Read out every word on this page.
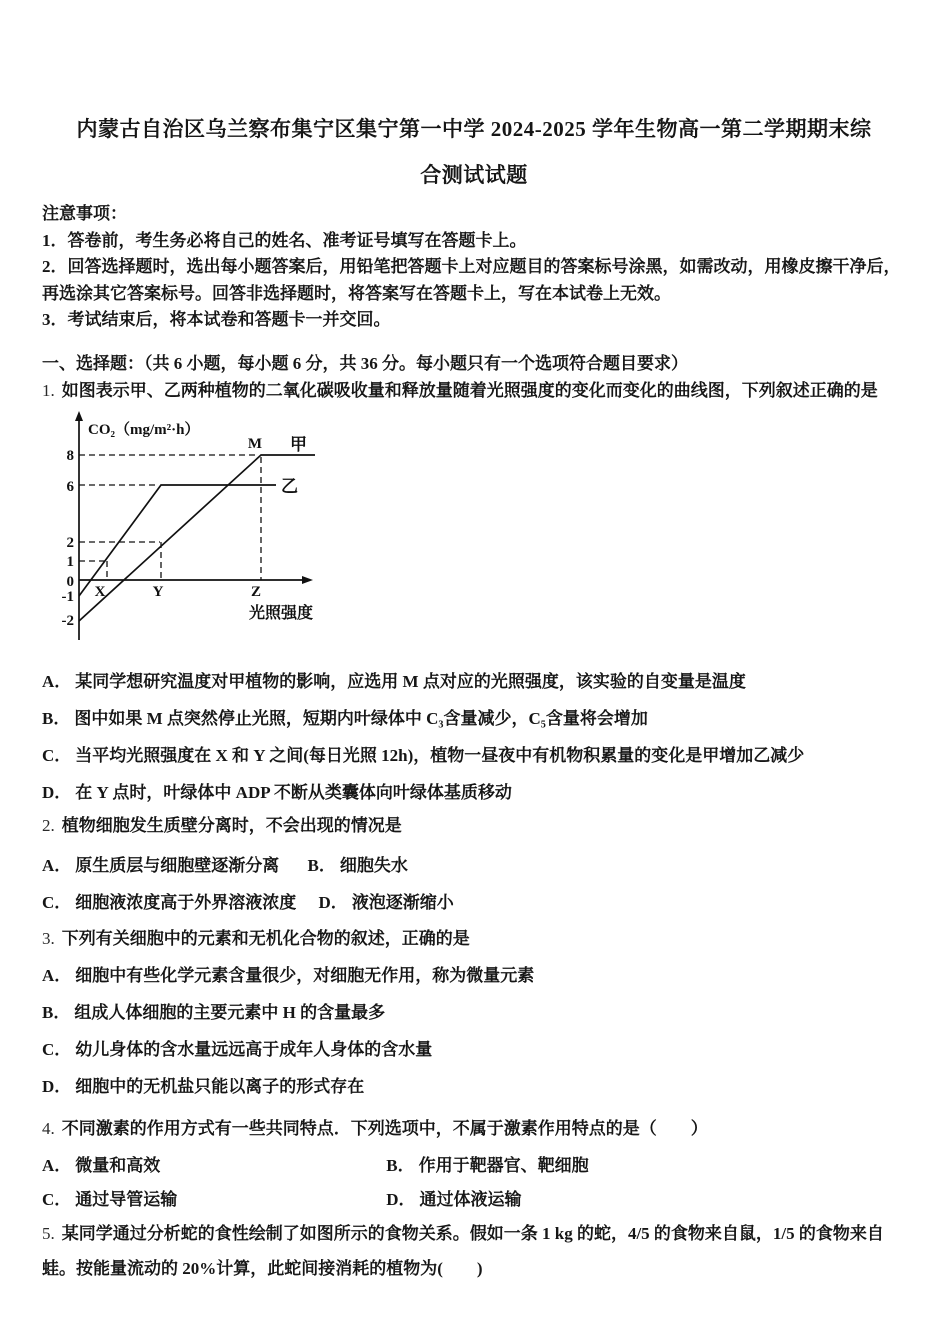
内蒙古自治区乌兰察布集宁区集宁第一中学 2024-2025 学年生物高一第二学期期末综
合测试试题
注意事项：
1．答卷前，考生务必将自己的姓名、准考证号填写在答题卡上。
2．回答选择题时，选出每小题答案后，用铅笔把答题卡上对应题目的答案标号涂黑，如需改动，用橡皮擦干净后，再选涂其它答案标号。回答非选择题时，将答案写在答题卡上，写在本试卷上无效。
3．考试结束后，将本试卷和答题卡一并交回。
一、选择题：（共 6 小题，每小题 6 分，共 36 分。每小题只有一个选项符合题目要求）
1. 如图表示甲、乙两种植物的二氧化碳吸收量和释放量随着光照强度的变化而变化的曲线图，下列叙述正确的是
CO₂（mg/m²·h）
8
6
2
1
0
-1
-2
X	Y	Z
M 甲
乙
光照强度
A． 某同学想研究温度对甲植物的影响，应选用 M 点对应的光照强度，该实验的自变量是温度
B． 图中如果 M 点突然停止光照，短期内叶绿体中 C₃含量减少，C₅含量将会增加
C． 当平均光照强度在 X 和 Y 之间(每日光照 12h)，植物一昼夜中有机物积累量的变化是甲增加乙减少
D． 在 Y 点时，叶绿体中 ADP 不断从类囊体向叶绿体基质移动
2. 植物细胞发生质壁分离时，不会出现的情况是
A． 原生质层与细胞壁逐渐分离 B． 细胞失水
C． 细胞液浓度高于外界溶液浓度 D． 液泡逐渐缩小
3. 下列有关细胞中的元素和无机化合物的叙述，正确的是
A． 细胞中有些化学元素含量很少，对细胞无作用，称为微量元素
B． 组成人体细胞的主要元素中 H 的含量最多
C． 幼儿身体的含水量远远高于成年人身体的含水量
D． 细胞中的无机盐只能以离子的形式存在
4. 不同激素的作用方式有一些共同特点．下列选项中，不属于激素作用特点的是（　　）
A． 微量和高效	B． 作用于靶器官、靶细胞
C． 通过导管运输	D． 通过体液运输
5. 某同学通过分析蛇的食性绘制了如图所示的食物关系。假如一条 1 kg 的蛇，4/5 的食物来自鼠，1/5 的食物来自蛙。按能量流动的 20%计算，此蛇间接消耗的植物为(　　)
